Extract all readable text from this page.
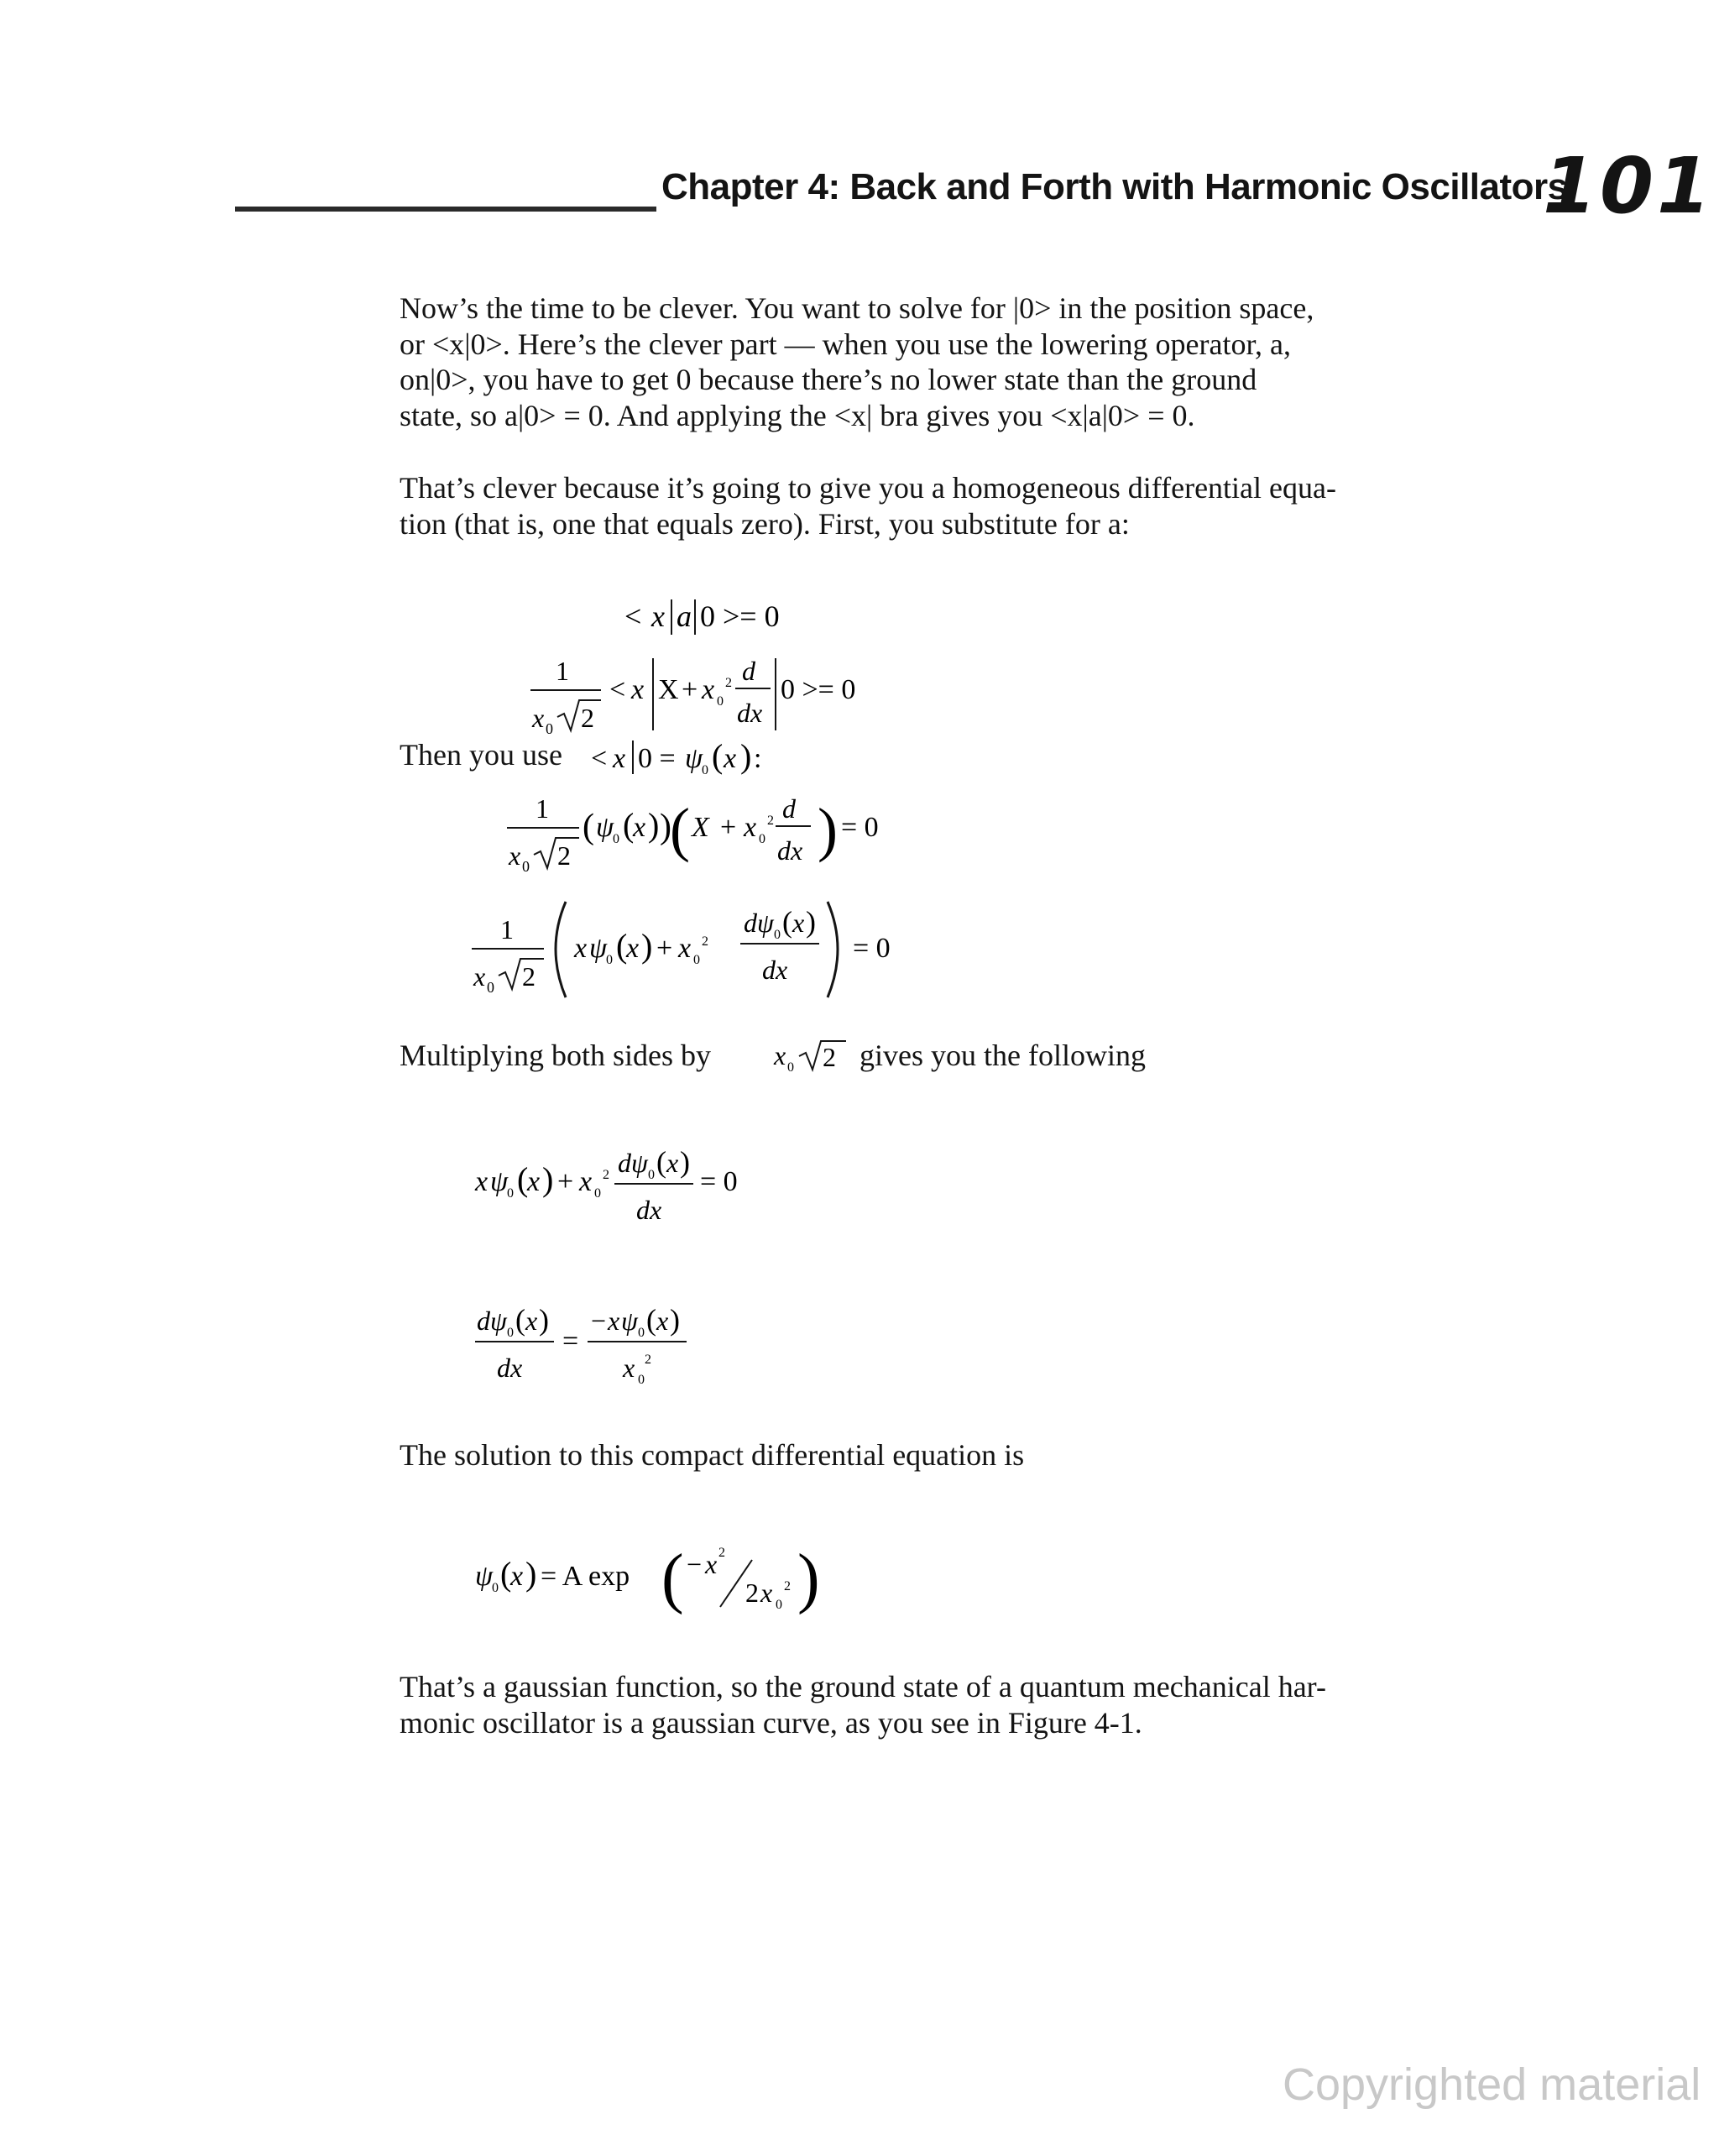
Chapter 4: Back and Forth with Harmonic Oscillators
101
Now’s the time to be clever. You want to solve for |0> in the position space,
or <x|0>. Here’s the clever part — when you use the lowering operator, a,
on|0>, you have to get 0 because there’s no lower state than the ground
state, so a|0> = 0. And applying the <x| bra gives you <x|a|0> = 0.
That’s clever because it’s going to give you a homogeneous differential equa-
tion (that is, one that equals zero). First, you substitute for a:
< x a 0 >= 0
1
x 0 2
< x X + x 0
2 d
dx
0 >= 0
Then you use	< x 0 = ψ
0 ( x ) :
1
x 0 2
( ψ
0 (
x ) )
( X + x 0
2 d
dx ) = 0
1
x 0 2
x ψ
0 (
x ) + x 0
2
dψ 0 ( x )
dx
= 0
Multiplying both sides by	x 0 2 gives you the following
x ψ
0 (
x ) + x 0
2 dψ 0 ( x )
dx
= 0
dψ 0 ( x )
dx
=
− x ψ 0 ( x )
x 0
2
The solution to this compact differential equation is
ψ
0 (
x ) = A exp ( − x 2
2 x 0
2 )
That’s a gaussian function, so the ground state of a quantum mechanical har-
monic oscillator is a gaussian curve, as you see in Figure 4-1.
Copyrighted material
